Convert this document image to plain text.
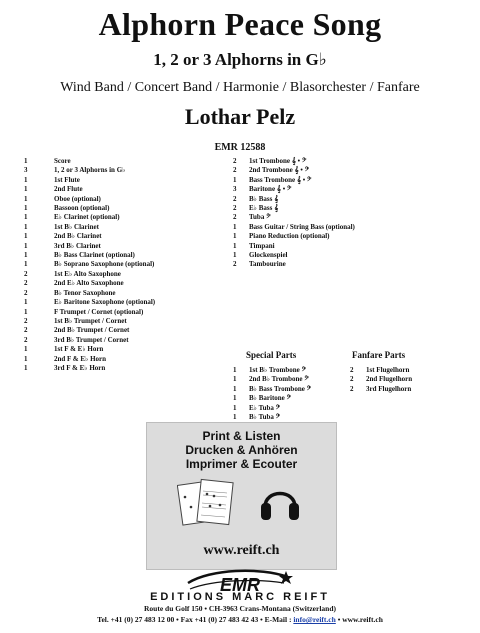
Alphorn Peace Song
1, 2 or 3 Alphorns in G♭
Wind Band / Concert Band / Harmonie / Blasorchester / Fanfare
Lothar Pelz
EMR 12588
1	Score
3	1, 2 or 3 Alphorns in G♭
1	1st Flute
1	2nd Flute
1	Oboe (optional)
1	Bassoon (optional)
1	E♭ Clarinet (optional)
1	1st B♭ Clarinet
1	2nd B♭ Clarinet
1	3rd B♭ Clarinet
1	B♭ Bass Clarinet (optional)
1	B♭ Soprano Saxophone (optional)
2	1st E♭ Alto Saxophone
2	2nd E♭ Alto Saxophone
2	B♭ Tenor Saxophone
1	E♭ Baritone Saxophone (optional)
1	F Trumpet / Cornet (optional)
2	1st B♭ Trumpet / Cornet
2	2nd B♭ Trumpet / Cornet
2	3rd B♭ Trumpet / Cornet
1	1st F & E♭ Horn
1	2nd F & E♭ Horn
1	3rd F & E♭ Horn
2	1st Trombone 𝄞 • 𝄢
2	2nd Trombone 𝄞 • 𝄢
1	Bass Trombone 𝄞 • 𝄢
3	Baritone 𝄞 • 𝄢
2	B♭ Bass 𝄞
2	E♭ Bass 𝄞
2	Tuba 𝄢
1	Bass Guitar / String Bass (optional)
1	Piano Reduction (optional)
1	Timpani
1	Glockenspiel
2	Tambourine
Special Parts	Fanfare Parts
1	1st B♭ Trombone 𝄢
1	2nd B♭ Trombone 𝄢
1	B♭ Bass Trombone 𝄢
1	B♭ Baritone 𝄢
1	E♭ Tuba 𝄢
1	B♭ Tuba 𝄢
2	1st Flugelhorn
2	2nd Flugelhorn
2	3rd Flugelhorn
Print & Listen
Drucken & Anhören
Imprimer & Ecouter
www.reift.ch
EMR
EDITIONS MARC REIFT
Route du Golf 150 • CH-3963 Crans-Montana (Switzerland)
Tel. +41 (0) 27 483 12 00 • Fax +41 (0) 27 483 42 43 • E-Mail : info@reift.ch • www.reift.ch
